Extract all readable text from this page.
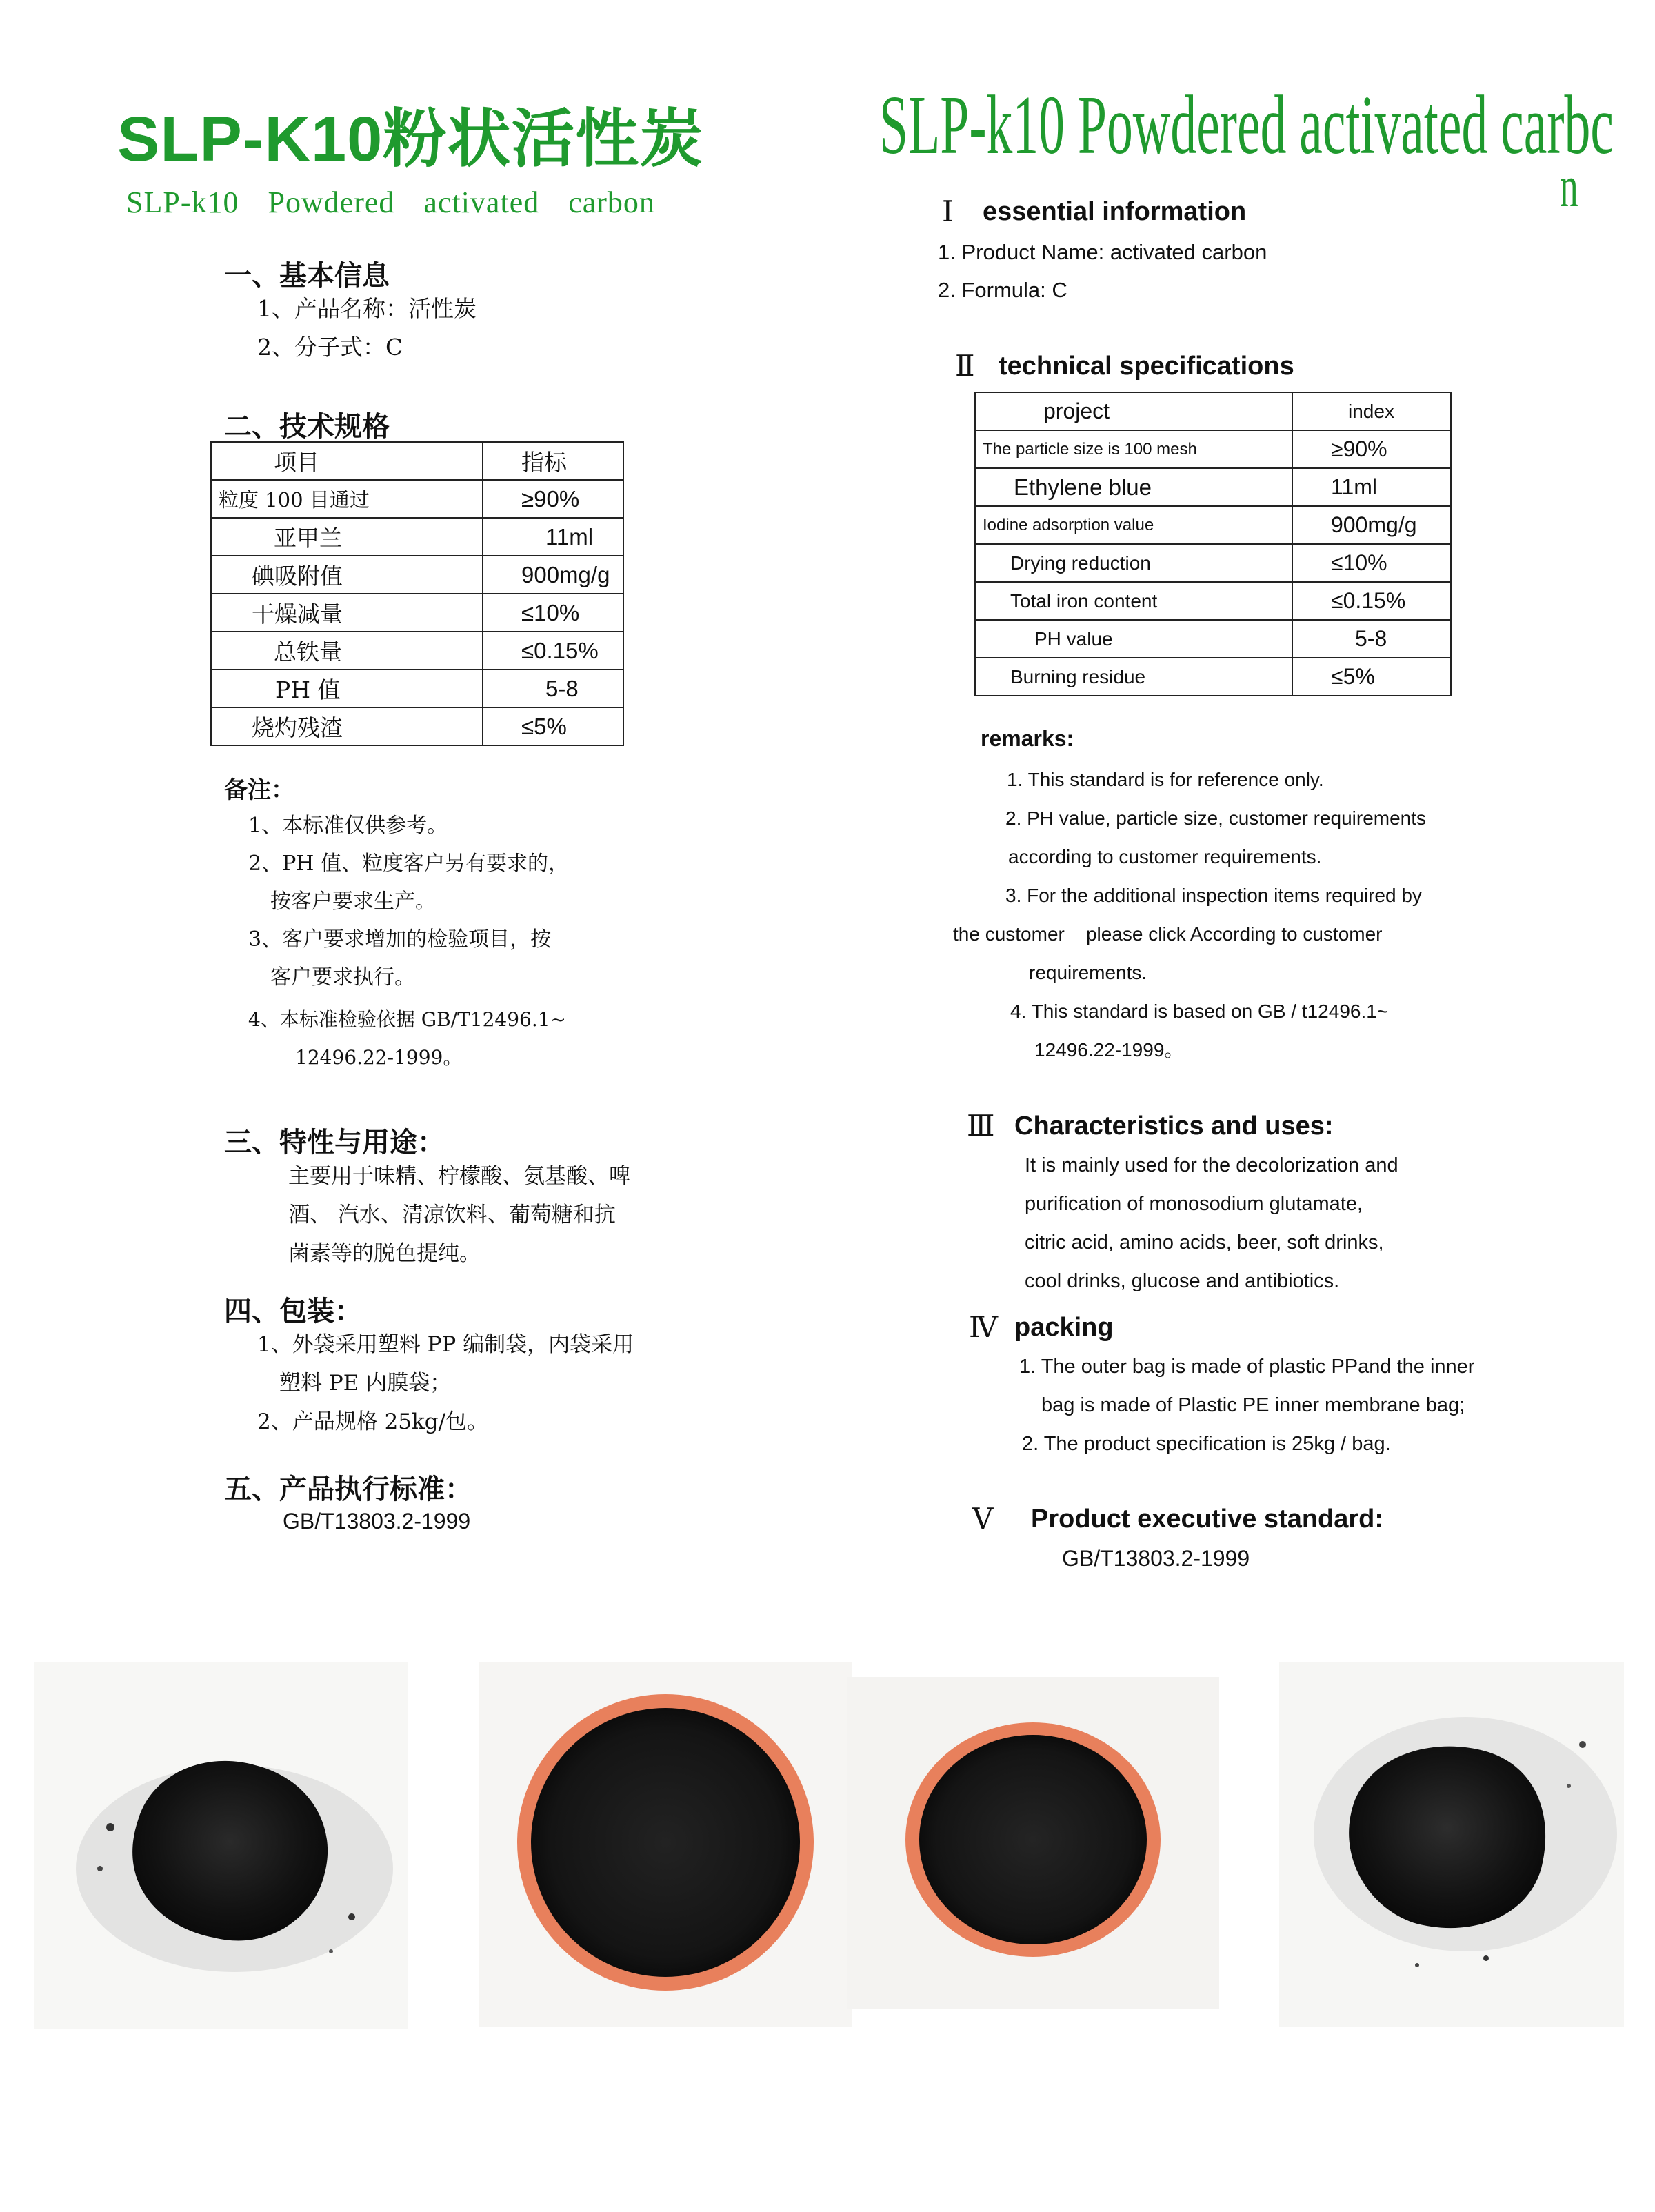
SLP-K10粉状活性炭
SLP-k10 Powdered activated carbon
SLP-k10 Powdered activated carbc
n
一、基本信息
1、产品名称：活性炭
2、分子式：C
二、技术规格
项目	指标
粒度 100 目通过	≥90%
亚甲兰	11ml
碘吸附值	900mg/g
干燥减量	≤10%
总铁量	≤0.15%
PH 值	5-8
烧灼残渣	≤5%
备注：
1、本标准仅供参考。
2、PH 值、粒度客户另有要求的，
按客户要求生产。
3、客户要求增加的检验项目，按
客户要求执行。
4、本标准检验依据 GB/T12496.1~
12496.22-1999。
三、特性与用途：
主要用于味精、柠檬酸、氨基酸、啤
酒、 汽水、清凉饮料、葡萄糖和抗
菌素等的脱色提纯。
四、包装：
1、外袋采用塑料 PP 编制袋，内袋采用
塑料 PE 内膜袋；
2、产品规格 25kg/包。
五、产品执行标准：
GB/T13803.2-1999
Ⅰ essential information
1. Product Name: activated carbon
2. Formula: C
Ⅱ technical specifications
project	index
The particle size is 100 mesh	≥90%
Ethylene blue	11ml
Iodine adsorption value	900mg/g
Drying reduction	≤10%
Total iron content	≤0.15%
PH value	5-8
Burning residue	≤5%
remarks:
1. This standard is for reference only.
2. PH value, particle size, customer requirements
according to customer requirements.
3. For the additional inspection items required by
the customer    please click According to customer
requirements.
4. This standard is based on GB / t12496.1~
12496.22-1999。
Ⅲ Characteristics and uses:
It is mainly used for the decolorization and
purification of monosodium glutamate,
citric acid, amino acids, beer, soft drinks,
cool drinks, glucose and antibiotics.
Ⅳ packing
1. The outer bag is made of plastic PPand the inner
bag is made of Plastic PE inner membrane bag;
2. The product specification is 25kg / bag.
Ⅴ Product executive standard:
GB/T13803.2-1999
